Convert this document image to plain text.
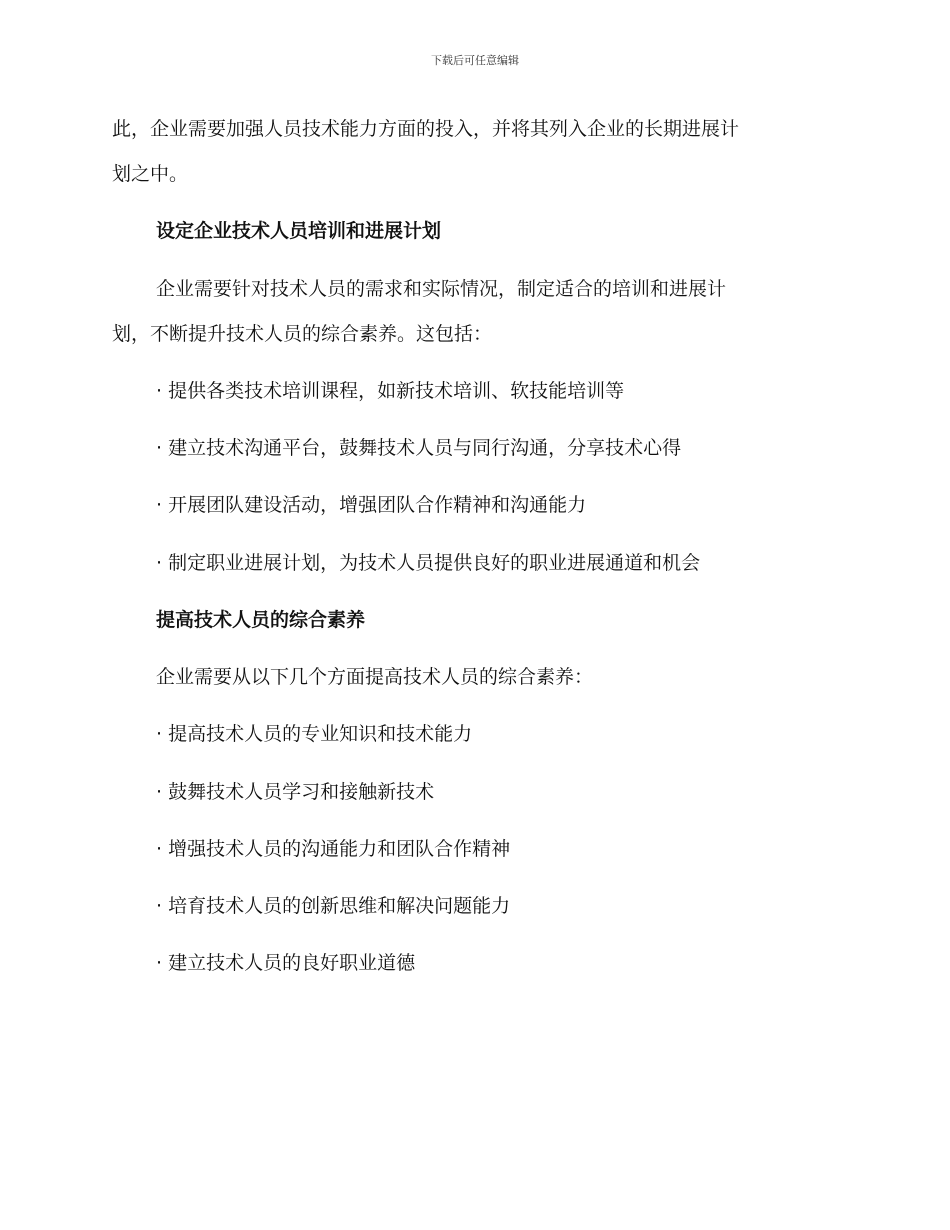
下载后可任意编辑
此，企业需要加强人员技术能力方面的投入，并将其列入企业的长期进展计
划之中。
设定企业技术人员培训和进展计划
企业需要针对技术人员的需求和实际情况，制定适合的培训和进展计
划，不断提升技术人员的综合素养。这包括：
· 提供各类技术培训课程，如新技术培训、软技能培训等
· 建立技术沟通平台，鼓舞技术人员与同行沟通，分享技术心得
· 开展团队建设活动，增强团队合作精神和沟通能力
· 制定职业进展计划，为技术人员提供良好的职业进展通道和机会
提高技术人员的综合素养
企业需要从以下几个方面提高技术人员的综合素养：
· 提高技术人员的专业知识和技术能力
· 鼓舞技术人员学习和接触新技术
· 增强技术人员的沟通能力和团队合作精神
· 培育技术人员的创新思维和解决问题能力
· 建立技术人员的良好职业道德
